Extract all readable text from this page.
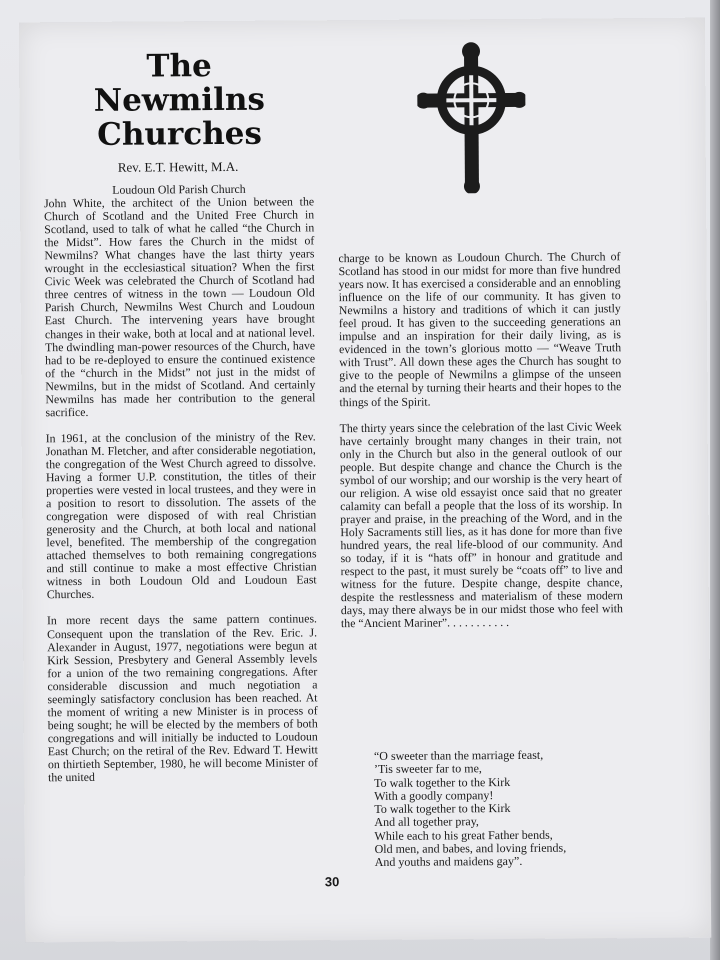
The
Newmilns
Churches
Rev. E.T. Hewitt, M.A.
Loudoun Old Parish Church

John White, the architect of the Union between the Church of Scotland and the United Free Church in Scotland, used to talk of what he called “the Church in the Midst”. How fares the Church in the midst of Newmilns? What changes have the last thirty years wrought in the ecclesiastical situation? When the first Civic Week was celebrated the Church of Scotland had three centres of witness in the town — Loudoun Old Parish Church, Newmilns West Church and Loudoun East Church. The intervening years have brought changes in their wake, both at local and at national level. The dwindling man-power resources of the Church, have had to be re-deployed to ensure the continued existence of the “church in the Midst” not just in the midst of Newmilns, but in the midst of Scotland. And certainly Newmilns has made her contribution to the general sacrifice.

In 1961, at the conclusion of the ministry of the Rev. Jonathan M. Fletcher, and after considerable negotiation, the congregation of the West Church agreed to dissolve. Having a former U.P. constitution, the titles of their properties were vested in local trustees, and they were in a position to resort to dissolution. The assets of the congregation were disposed of with real Christian generosity and the Church, at both local and national level, benefited. The membership of the congregation attached themselves to both remaining congregations and still continue to make a most effective Christian witness in both Loudoun Old and Loudoun East Churches.

In more recent days the same pattern continues. Consequent upon the translation of the Rev. Eric. J. Alexander in August, 1977, negotiations were begun at Kirk Session, Presbytery and General Assembly levels for a union of the two remaining congregations. After considerable discussion and much negotiation a seemingly satisfactory conclusion has been reached. At the moment of writing a new Minister is in process of being sought; he will be elected by the members of both congregations and will initially be inducted to Loudoun East Church; on the retiral of the Rev. Edward T. Hewitt on thirtieth September, 1980, he will become Minister of the united

charge to be known as Loudoun Church. The Church of Scotland has stood in our midst for more than five hundred years now. It has exercised a considerable and an ennobling influence on the life of our community. It has given to Newmilns a history and traditions of which it can justly feel proud. It has given to the succeeding generations an impulse and an inspiration for their daily living, as is evidenced in the town’s glorious motto — “Weave Truth with Trust”. All down these ages the Church has sought to give to the people of Newmilns a glimpse of the unseen and the eternal by turning their hearts and their hopes to the things of the Spirit.

The thirty years since the celebration of the last Civic Week have certainly brought many changes in their train, not only in the Church but also in the general outlook of our people. But despite change and chance the Church is the symbol of our worship; and our worship is the very heart of our religion. A wise old essayist once said that no greater calamity can befall a people that the loss of its worship. In prayer and praise, in the preaching of the Word, and in the Holy Sacraments still lies, as it has done for more than five hundred years, the real life-blood of our community. And so today, if it is “hats off” in honour and gratitude and respect to the past, it must surely be “coats off” to live and witness for the future. Despite change, despite chance, despite the restlessness and materialism of these modern days, may there always be in our midst those who feel with the “Ancient Mariner”. . . . . . . . . . .

“O sweeter than the marriage feast,
’Tis sweeter far to me,
To walk together to the Kirk
With a goodly company!
To walk together to the Kirk
And all together pray,
While each to his great Father bends,
Old men, and babes, and loving friends,
And youths and maidens gay”.
30
